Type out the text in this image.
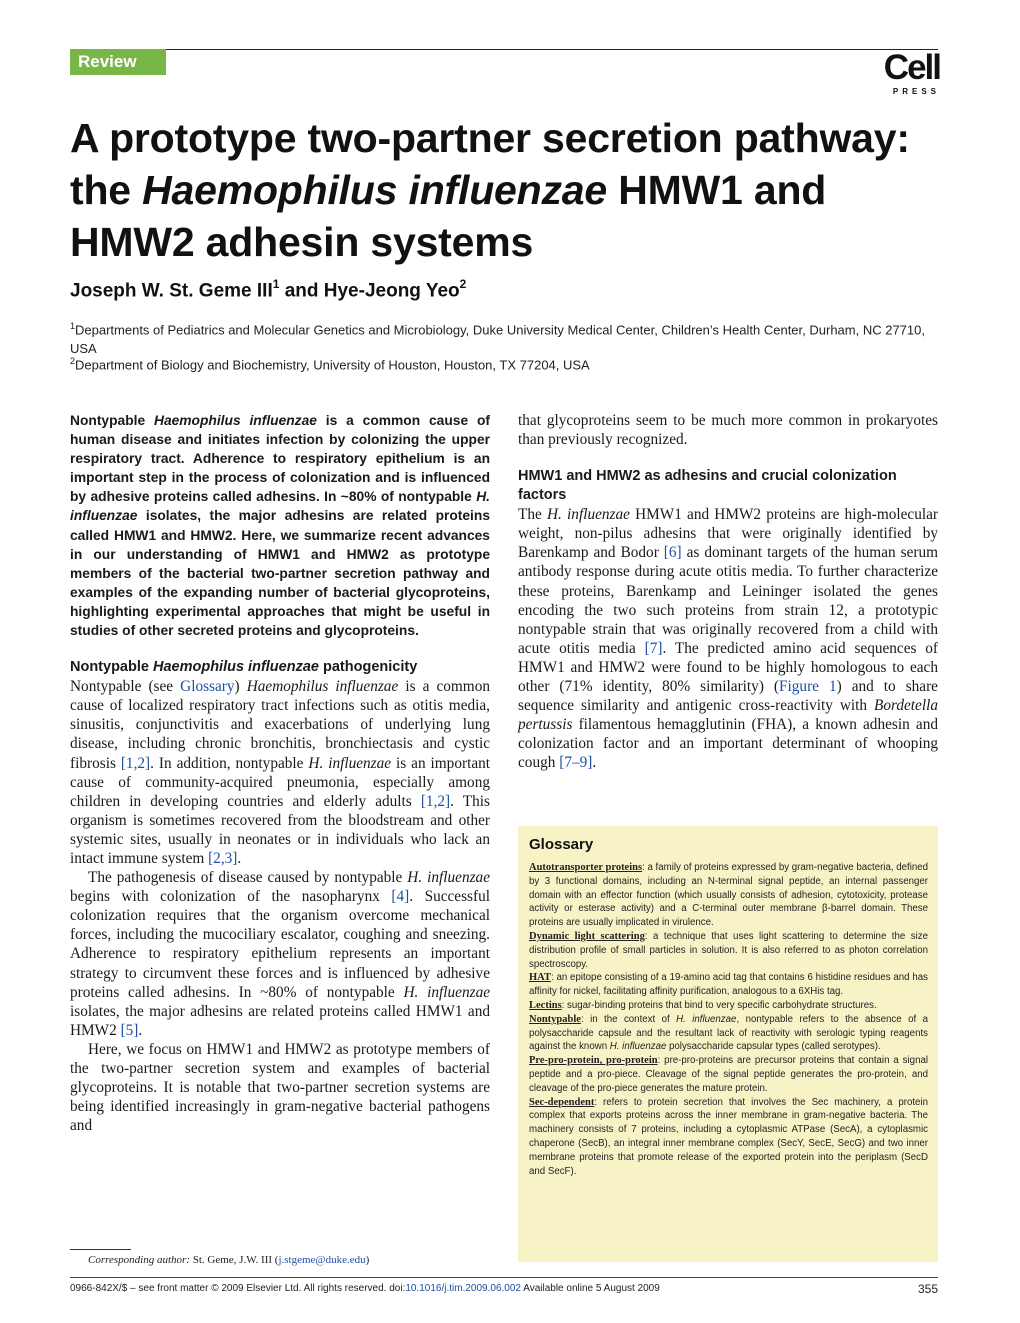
Review	Cell
PRESS
A prototype two-partner secretion pathway: the Haemophilus influenzae HMW1 and HMW2 adhesin systems
Joseph W. St. Geme III$^1$ and Hye-Jeong Yeo$^2$
$^1$Departments of Pediatrics and Molecular Genetics and Microbiology, Duke University Medical Center, Children’s Health Center, Durham, NC 27710, USA
$^2$Department of Biology and Biochemistry, University of Houston, Houston, TX 77204, USA

Nontypable Haemophilus influenzae is a common cause of human disease and initiates infection by colonizing the upper respiratory tract. Adherence to respiratory epithelium is an important step in the process of colonization and is influenced by adhesive proteins called adhesins. In ~80% of nontypable H. influenzae isolates, the major adhesins are related proteins called HMW1 and HMW2. Here, we summarize recent advances in our understanding of HMW1 and HMW2 as prototype members of the bacterial two-partner secretion pathway and examples of the expanding number of bacterial glycoproteins, highlighting experimental approaches that might be useful in studies of other secreted proteins and glycoproteins.

Nontypable Haemophilus influenzae pathogenicity

Nontypable (see Glossary) Haemophilus influenzae is a common cause of localized respiratory tract infections such as otitis media, sinusitis, conjunctivitis and exacerbations of underlying lung disease, including chronic bronchitis, bronchiectasis and cystic fibrosis [1,2]. In addition, nontypable H. influenzae is an important cause of community-acquired pneumonia, especially among children in developing countries and elderly adults [1,2]. This organism is sometimes recovered from the bloodstream and other systemic sites, usually in neonates or in individuals who lack an intact immune system [2,3].

The pathogenesis of disease caused by nontypable H. influenzae begins with colonization of the nasopharynx [4]. Successful colonization requires that the organism overcome mechanical forces, including the mucociliary escalator, coughing and sneezing. Adherence to respiratory epithelium represents an important strategy to circumvent these forces and is influenced by adhesive proteins called adhesins. In ~80% of nontypable H. influenzae isolates, the major adhesins are related proteins called HMW1 and HMW2 [5].

Here, we focus on HMW1 and HMW2 as prototype members of the two-partner secretion system and examples of bacterial glycoproteins. It is notable that two-partner secretion systems are being identified increasingly in gram-negative bacterial pathogens and

that glycoproteins seem to be much more common in prokaryotes than previously recognized.

HMW1 and HMW2 as adhesins and crucial colonization factors

The H. influenzae HMW1 and HMW2 proteins are high-molecular weight, non-pilus adhesins that were originally identified by Barenkamp and Bodor [6] as dominant targets of the human serum antibody response during acute otitis media. To further characterize these proteins, Barenkamp and Leininger isolated the genes encoding the two such proteins from strain 12, a prototypic nontypable strain that was originally recovered from a child with acute otitis media [7]. The predicted amino acid sequences of HMW1 and HMW2 were found to be highly homologous to each other (71% identity, 80% similarity) (Figure 1) and to share sequence similarity and antigenic cross-reactivity with Bordetella pertussis filamentous hemagglutinin (FHA), a known adhesin and colonization factor and an important determinant of whooping cough [7–9].

Glossary

Autotransporter proteins: a family of proteins expressed by gram-negative bacteria, defined by 3 functional domains, including an N-terminal signal peptide, an internal passenger domain with an effector function (which usually consists of adhesion, cytotoxicity, protease activity or esterase activity) and a C-terminal outer membrane β-barrel domain. These proteins are usually implicated in virulence.

Dynamic light scattering: a technique that uses light scattering to determine the size distribution profile of small particles in solution. It is also referred to as photon correlation spectroscopy.

HAT: an epitope consisting of a 19-amino acid tag that contains 6 histidine residues and has affinity for nickel, facilitating affinity purification, analogous to a 6XHis tag.

Lectins: sugar-binding proteins that bind to very specific carbohydrate structures.

Nontypable: in the context of H. influenzae, nontypable refers to the absence of a polysaccharide capsule and the resultant lack of reactivity with serologic typing reagents against the known H. influenzae polysaccharide capsular types (called serotypes).

Pre-pro-protein, pro-protein: pre-pro-proteins are precursor proteins that contain a signal peptide and a pro-piece. Cleavage of the signal peptide generates the pro-protein, and cleavage of the pro-piece generates the mature protein.

Sec-dependent: refers to protein secretion that involves the Sec machinery, a protein complex that exports proteins across the inner membrane in gram-negative bacteria. The machinery consists of 7 proteins, including a cytoplasmic ATPase (SecA), a cytoplasmic chaperone (SecB), an integral inner membrane complex (SecY, SecE, SecG) and two inner membrane proteins that promote release of the exported protein into the periplasm (SecD and SecF).

Corresponding author: St. Geme, J.W. III (j.stgeme@duke.edu)
0966-842X/$ – see front matter © 2009 Elsevier Ltd. All rights reserved. doi:10.1016/j.tim.2009.06.002 Available online 5 August 2009	355
